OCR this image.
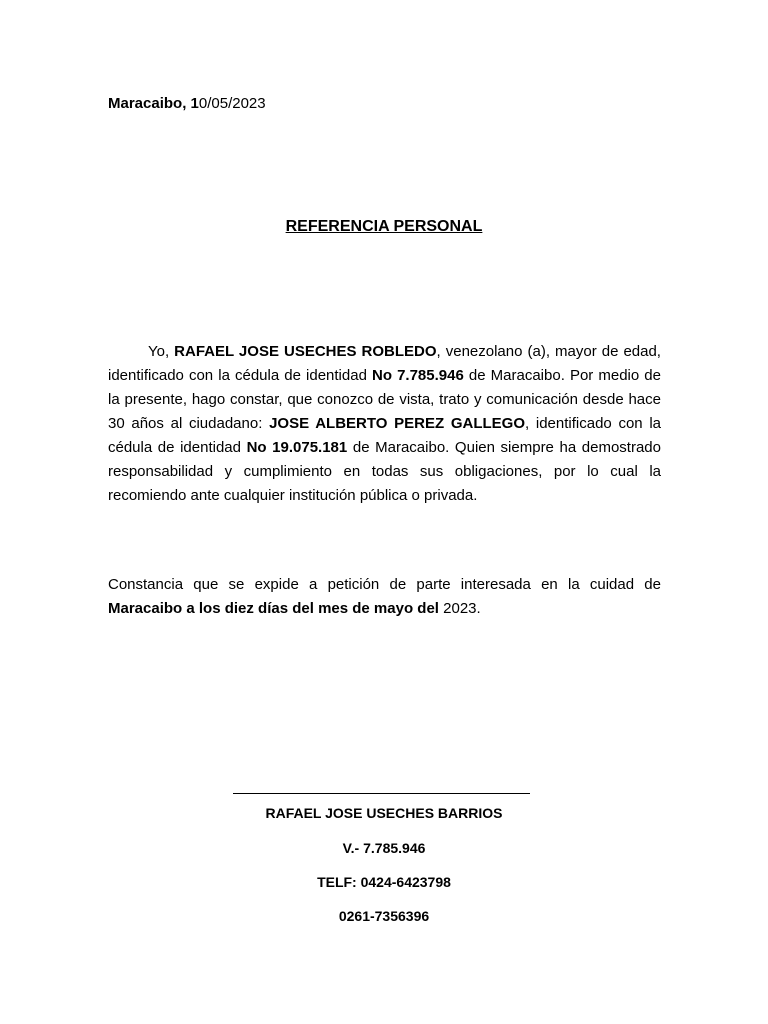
Maracaibo, 10/05/2023
REFERENCIA PERSONAL

Yo, RAFAEL JOSE USECHES ROBLEDO, venezolano (a), mayor de edad, identificado con la cédula de identidad No 7.785.946 de Maracaibo. Por medio de la presente, hago constar, que conozco de vista, trato y comunicación desde hace 30 años al ciudadano: JOSE ALBERTO PEREZ GALLEGO, identificado con la cédula de identidad No 19.075.181 de Maracaibo. Quien siempre ha demostrado responsabilidad y cumplimiento en todas sus obligaciones, por lo cual la recomiendo ante cualquier institución pública o privada.

Constancia que se expide a petición de parte interesada en la cuidad de Maracaibo a los diez días del mes de mayo del 2023.

RAFAEL JOSE USECHES BARRIOS
V.- 7.785.946
TELF: 0424-6423798
0261-7356396
